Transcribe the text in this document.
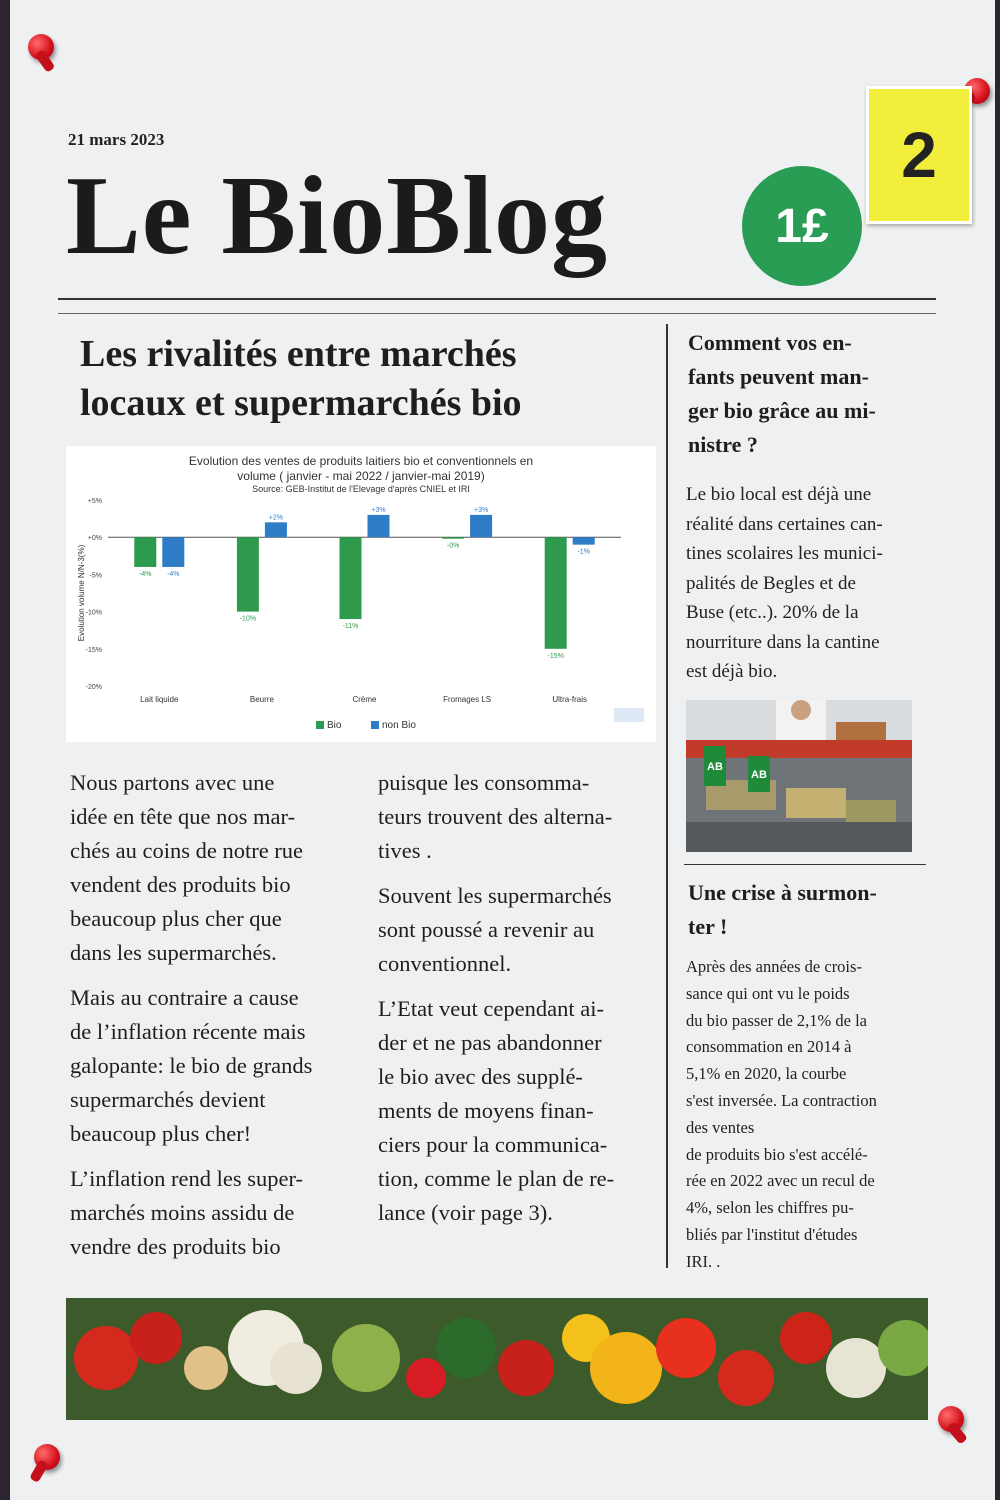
21 mars 2023
Le BioBlog	1£
2
Les rivalités entre marchés
locaux et supermarchés bio
Evolution des ventes de produits laitiers bio et conventionnels en
volume ( janvier - mai 2022 / janvier-mai 2019)
Source: GEB-Institut de l'Elevage d'après CNIEL et IRI
+5%
+0%
-5%
-10%
-15%
-20%
Evolution volume N/N-3(%)	-4% -4%
Lait liquide
-10%
+2%
Beurre
-11%
+3%
Crème
-0%
+3%
Fromages LS
-15%
-1%
Ultra-frais
Bio	non Bio
Nous partons avec une
idée en tête que nos mar-
chés au coins de notre rue
vendent des produits bio
beaucoup plus cher que
dans les supermarchés.
Mais au contraire a cause
de l’inflation récente mais
galopante: le bio de grands
supermarchés devient
beaucoup plus cher!
L’inflation rend les super-
marchés moins assidu de
vendre des produits bio
puisque les consomma-
teurs trouvent des alterna-
tives .
Souvent les supermarchés
sont poussé a revenir au
conventionnel.
L’Etat veut cependant ai-
der et ne pas abandonner
le bio avec des supplé-
ments de moyens finan-
ciers pour la communica-
tion, comme le plan de re-
lance (voir page 3).
Comment vos en-
fants peuvent man-
ger bio grâce au mi-
nistre ?
Le bio local est déjà une
réalité dans certaines can-
tines scolaires les munici-
palités de Begles et de
Buse (etc..). 20% de la
nourriture dans la cantine
est déjà bio.
AB
AB
Une crise à surmon-
ter !
Après des années de crois-
sance qui ont vu le poids
du bio passer de 2,1% de la
consommation en 2014 à
5,1% en 2020, la courbe
s'est inversée. La contraction
des ventes
de produits bio s'est accélé-
rée en 2022 avec un recul de
4%, selon les chiffres pu-
bliés par l'institut d'études
IRI. .
